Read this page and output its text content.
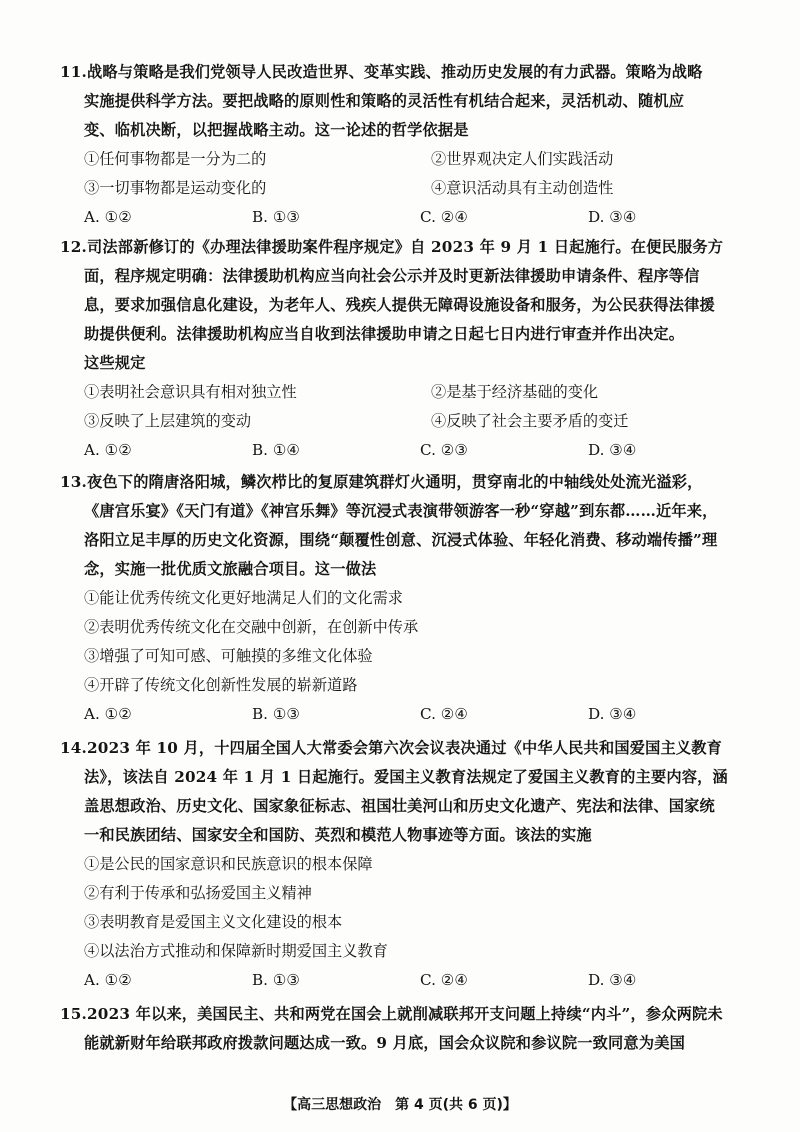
11.战略与策略是我们党领导人民改造世界、变革实践、推动历史发展的有力武器。策略为战略
实施提供科学方法。要把战略的原则性和策略的灵活性有机结合起来，灵活机动、随机应
变、临机决断，以把握战略主动。这一论述的哲学依据是
①任何事物都是一分为二的	②世界观决定人们实践活动
③一切事物都是运动变化的	④意识活动具有主动创造性
A. ①②	B. ①③	C. ②④	D. ③④
12.司法部新修订的《办理法律援助案件程序规定》自 2023 年 9 月 1 日起施行。在便民服务方
面，程序规定明确：法律援助机构应当向社会公示并及时更新法律援助申请条件、程序等信
息，要求加强信息化建设，为老年人、残疾人提供无障碍设施设备和服务，为公民获得法律援
助提供便利。法律援助机构应当自收到法律援助申请之日起七日内进行审查并作出决定。
这些规定
①表明社会意识具有相对独立性	②是基于经济基础的变化
③反映了上层建筑的变动	④反映了社会主要矛盾的变迁
A. ①②	B. ①④	C. ②③	D. ③④
13.夜色下的隋唐洛阳城，鳞次栉比的复原建筑群灯火通明，贯穿南北的中轴线处处流光溢彩，
《唐宫乐宴》《天门有道》《神宫乐舞》等沉浸式表演带领游客一秒“穿越”到东都……近年来，
洛阳立足丰厚的历史文化资源，围绕“颠覆性创意、沉浸式体验、年轻化消费、移动端传播”理
念，实施一批优质文旅融合项目。这一做法
①能让优秀传统文化更好地满足人们的文化需求
②表明优秀传统文化在交融中创新，在创新中传承
③增强了可知可感、可触摸的多维文化体验
④开辟了传统文化创新性发展的崭新道路
A. ①②	B. ①③	C. ②④	D. ③④
14.2023 年 10 月，十四届全国人大常委会第六次会议表决通过《中华人民共和国爱国主义教育
法》，该法自 2024 年 1 月 1 日起施行。爱国主义教育法规定了爱国主义教育的主要内容，涵
盖思想政治、历史文化、国家象征标志、祖国壮美河山和历史文化遗产、宪法和法律、国家统
一和民族团结、国家安全和国防、英烈和模范人物事迹等方面。该法的实施
①是公民的国家意识和民族意识的根本保障
②有利于传承和弘扬爱国主义精神
③表明教育是爱国主义文化建设的根本
④以法治方式推动和保障新时期爱国主义教育
A. ①②	B. ①③	C. ②④	D. ③④
15.2023 年以来，美国民主、共和两党在国会上就削减联邦开支问题上持续“内斗”，参众两院未
能就新财年给联邦政府拨款问题达成一致。9 月底，国会众议院和参议院一致同意为美国
【高三思想政治　第 4 页(共 6 页)】
